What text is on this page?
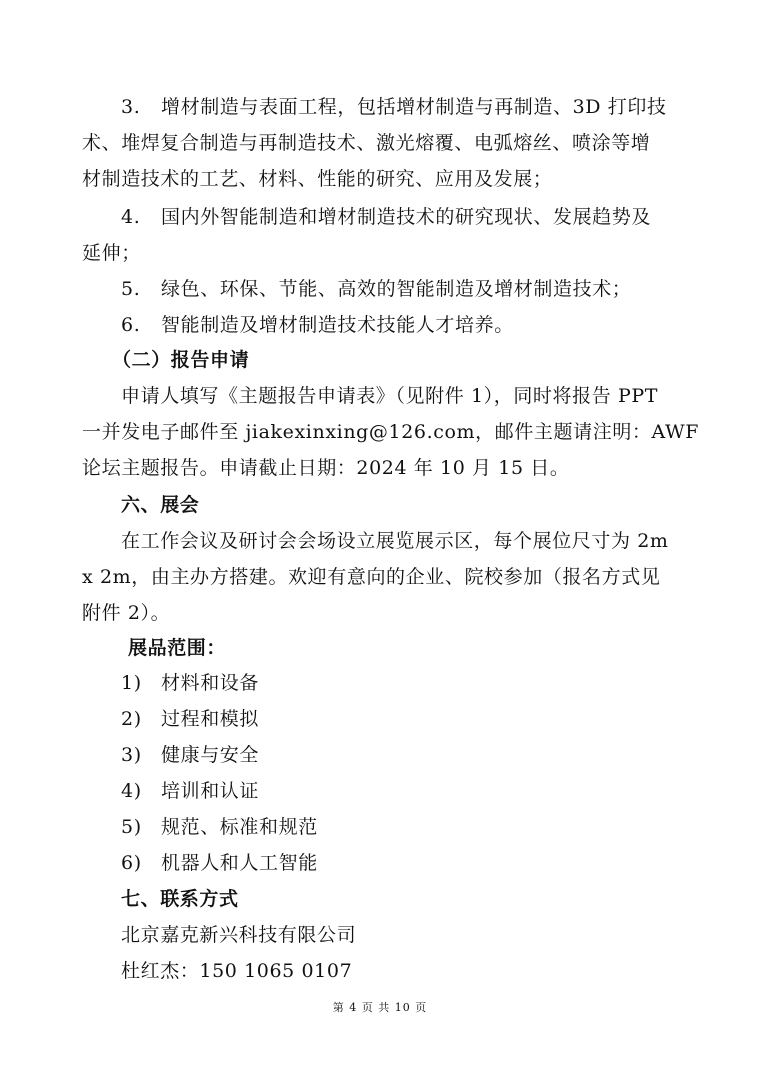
3. 增材制造与表面工程，包括增材制造与再制造、3D 打印技
术、堆焊复合制造与再制造技术、激光熔覆、电弧熔丝、喷涂等增
材制造技术的工艺、材料、性能的研究、应用及发展；
4. 国内外智能制造和增材制造技术的研究现状、发展趋势及
延伸；
5. 绿色、环保、节能、高效的智能制造及增材制造技术；
6. 智能制造及增材制造技术技能人才培养。
（二）报告申请
申请人填写《主题报告申请表》（见附件 1），同时将报告 PPT
一并发电子邮件至 jiakexinxing@126.com，邮件主题请注明：AWF
论坛主题报告。申请截止日期：2024 年 10 月 15 日。
六、展会
在工作会议及研讨会会场设立展览展示区，每个展位尺寸为 2m
x 2m，由主办方搭建。欢迎有意向的企业、院校参加（报名方式见
附件 2）。
展品范围：
1) 材料和设备
2) 过程和模拟
3) 健康与安全
4) 培训和认证
5) 规范、标准和规范
6) 机器人和人工智能
七、联系方式
北京嘉克新兴科技有限公司
杜红杰：150 1065 0107
第 4 页 共 10 页
